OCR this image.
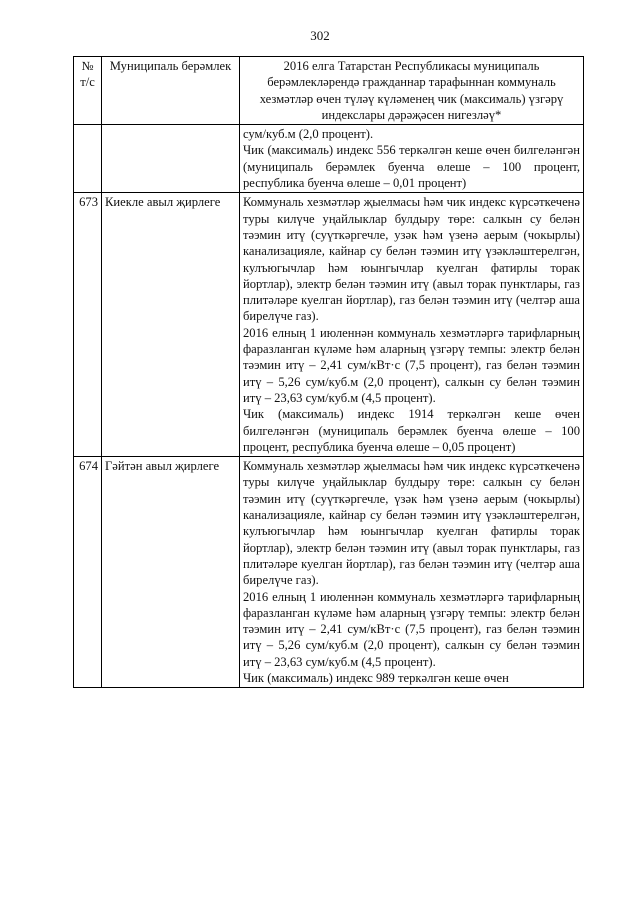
302
№ т/с	Муниципаль берәмлек	2016 елга Татарстан Республикасы муниципаль берәмлекләрендә гражданнар тарафыннан коммуналь хезмәтләр өчен түләү күләменең чик (максималь) үзгәрү индекслары дәрәҗәсен нигезләү*

		сум/куб.м (2,0 процент).

Чик (максималь) индекс 556 теркәлгән кеше өчен билгеләнгән (муниципаль берәмлек буенча өлеше – 100 процент, республика буенча өлеше – 0,01 процент)

673	Киекле авыл җирлеге	Коммуналь хезмәтләр җыелмасы һәм чик индекс күрсәткеченә туры килүче уңайлыклар булдыру төре: салкын су белән тәэмин итү (суүткәргечле, узәк һәм үзенә аерым (чокырлы) канализацияле, кайнар су белән тәэмин итү үзәкләштерелгән, кулъюгычлар һәм юынгычлар куелган фатирлы торак йортлар), электр белән тәэмин итү (авыл торак пунктлары, газ плитәләре куелган йортлар), газ белән тәэмин итү (челтәр аша бирелүче газ).

2016 елның 1 июленнән коммуналь хезмәтләргә тарифларның фаразланган күләме һәм аларның үзгәрү темпы: электр белән тәэмин итү – 2,41 сум/кВт·с (7,5 процент), газ белән тәэмин итү – 5,26 сум/куб.м (2,0 процент), салкын су белән тәэмин итү – 23,63 сум/куб.м (4,5 процент).

Чик (максималь) индекс 1914 теркәлгән кеше өчен билгеләнгән (муниципаль берәмлек буенча өлеше – 100 процент, республика буенча өлеше – 0,05 процент)

674	Гәйтән авыл җирлеге	Коммуналь хезмәтләр җыелмасы һәм чик индекс күрсәткеченә туры килүче уңайлыклар булдыру төре: салкын су белән тәэмин итү (суүткәргечле, үзәк һәм үзенә аерым (чокырлы) канализацияле, кайнар су белән тәэмин итү үзәкләштерелгән, кулъюгычлар һәм юынгычлар куелган фатирлы торак йортлар), электр белән тәэмин итү (авыл торак пунктлары, газ плитәләре куелган йортлар), газ белән тәэмин итү (челтәр аша бирелүче газ).

2016 елның 1 июленнән коммуналь хезмәтләргә тарифларның фаразланган күләме һәм аларның үзгәрү темпы: электр белән тәэмин итү – 2,41 сум/кВт·с (7,5 процент), газ белән тәэмин итү – 5,26 сум/куб.м (2,0 процент), салкын су белән тәэмин итү – 23,63 сум/куб.м (4,5 процент).

Чик (максималь) индекс 989 теркәлгән кеше өчен
